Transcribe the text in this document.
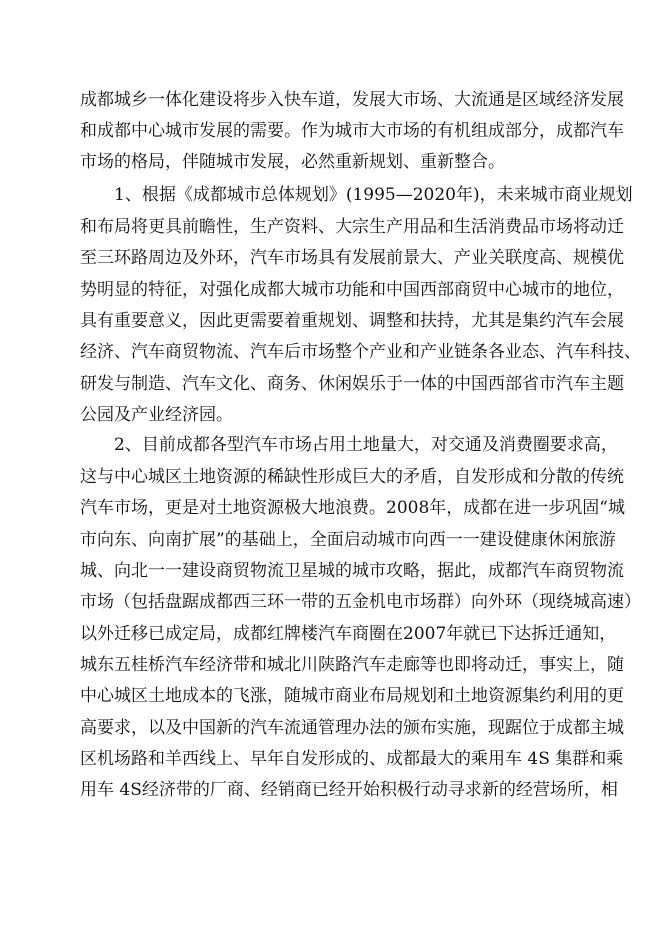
成都城乡一体化建设将步入快车道，发展大市场、大流通是区域经济发展
和成都中心城市发展的需要。作为城市大市场的有机组成部分，成都汽车
市场的格局，伴随城市发展，必然重新规划、重新整合。
1、根据《成都城市总体规划》(1995—2020年)，未来城市商业规划
和布局将更具前瞻性，生产资料、大宗生产用品和生活消费品市场将动迁
至三环路周边及外环，汽车市场具有发展前景大、产业关联度高、规模优
势明显的特征，对强化成都大城市功能和中国西部商贸中心城市的地位，
具有重要意义，因此更需要着重规划、调整和扶持，尤其是集约汽车会展
经济、汽车商贸物流、汽车后市场整个产业和产业链条各业态、汽车科技、
研发与制造、汽车文化、商务、休闲娱乐于一体的中国西部省市汽车主题
公园及产业经济园。
2、目前成都各型汽车市场占用土地量大，对交通及消费圈要求高，
这与中心城区土地资源的稀缺性形成巨大的矛盾，自发形成和分散的传统
汽车市场，更是对土地资源极大地浪费。2008年，成都在进一步巩固“城
市向东、向南扩展”的基础上，全面启动城市向西一一建设健康休闲旅游
城、向北一一建设商贸物流卫星城的城市攻略，据此，成都汽车商贸物流
市场（包括盘踞成都西三环一带的五金机电市场群）向外环（现绕城高速）
以外迁移已成定局，成都红牌楼汽车商圈在2007年就已下达拆迁通知，
城东五桂桥汽车经济带和城北川陕路汽车走廊等也即将动迁，事实上，随
中心城区土地成本的飞涨，随城市商业布局规划和土地资源集约利用的更
高要求，以及中国新的汽车流通管理办法的颁布实施，现踞位于成都主城
区机场路和羊西线上、早年自发形成的、成都最大的乘用车 4S 集群和乘
用车 4S经济带的厂商、经销商已经开始积极行动寻求新的经营场所，相
